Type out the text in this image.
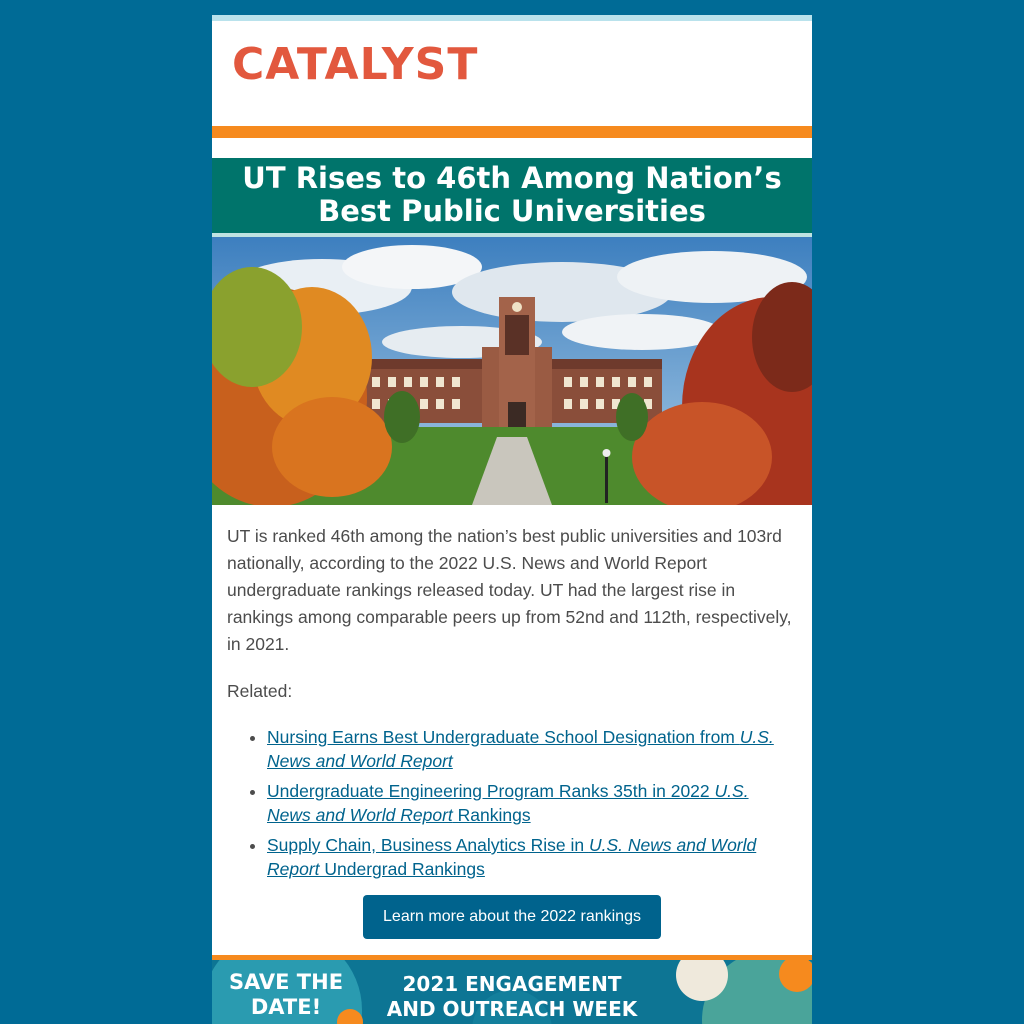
CATALYST
UT Rises to 46th Among Nation’s Best Public Universities

UT is ranked 46th among the nation’s best public universities and 103rd nationally, according to the 2022 U.S. News and World Report undergraduate rankings released today. UT had the largest rise in rankings among comparable peers up from 52nd and 112th, respectively, in 2021.

Related:

• Nursing Earns Best Undergraduate School Designation from U.S. News and World Report
• Undergraduate Engineering Program Ranks 35th in 2022 U.S. News and World Report Rankings
• Supply Chain, Business Analytics Rise in U.S. News and World Report Undergrad Rankings
Learn more about the 2022 rankings
SAVE THE
DATE!
2021 ENGAGEMENT
AND OUTREACH WEEK
